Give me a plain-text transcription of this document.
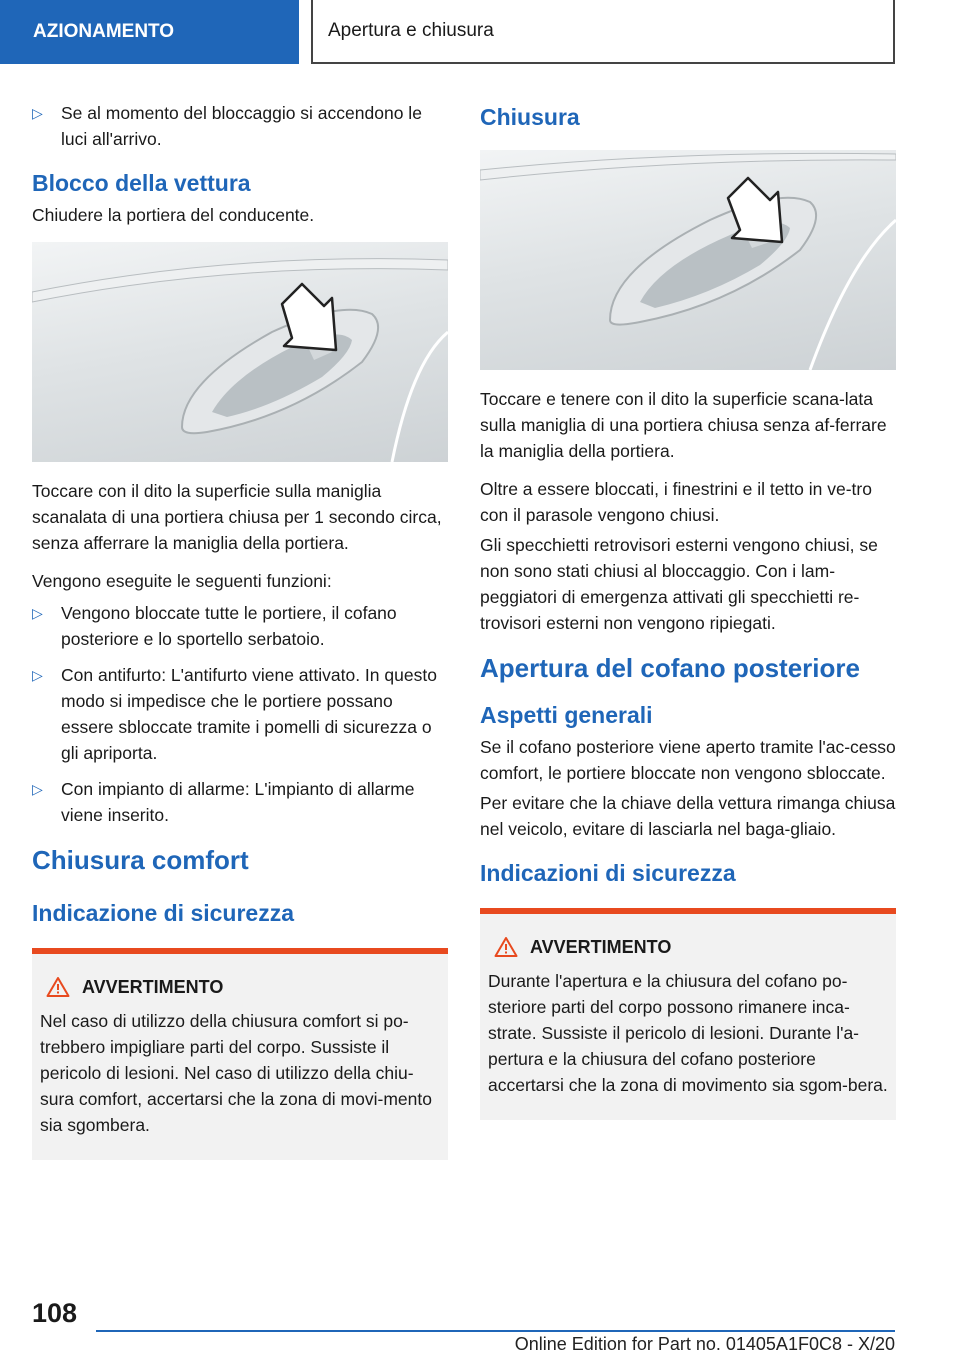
AZIONAMENTO	Apertura e chiusura
▷ Se al momento del bloccaggio si accendono le luci all'arrivo.
Blocco della vettura

Chiudere la portiera del conducente.

Toccare con il dito la superficie sulla maniglia scanalata di una portiera chiusa per 1 secondo circa, senza afferrare la maniglia della portiera.

Vengono eseguite le seguenti funzioni:

▷ Vengono bloccate tutte le portiere, il cofano posteriore e lo sportello serbatoio.
▷ Con antifurto: L'antifurto viene attivato. In questo modo si impedisce che le portiere possano essere sbloccate tramite i pomelli di sicurezza o gli apriporta.
▷ Con impianto di allarme: L'impianto di allarme viene inserito.
Chiusura comfort
Indicazione di sicurezza
AVVERTIMENTO

Nel caso di utilizzo della chiusura comfort si po-trebbero impigliare parti del corpo. Sussiste il pericolo di lesioni. Nel caso di utilizzo della chiu-sura comfort, accertarsi che la zona di movi-mento sia sgombera.

Chiusura

Toccare e tenere con il dito la superficie scana-lata sulla maniglia di una portiera chiusa senza af-ferrare la maniglia della portiera.

Oltre a essere bloccati, i finestrini e il tetto in ve-tro con il parasole vengono chiusi.

Gli specchietti retrovisori esterni vengono chiusi, se non sono stati chiusi al bloccaggio. Con i lam-peggiatori di emergenza attivati gli specchietti re-trovisori esterni non vengono ripiegati.

Apertura del cofano posteriore
Aspetti generali

Se il cofano posteriore viene aperto tramite l'ac-cesso comfort, le portiere bloccate non vengono sbloccate.

Per evitare che la chiave della vettura rimanga chiusa nel veicolo, evitare di lasciarla nel baga-gliaio.

Indicazioni di sicurezza
AVVERTIMENTO

Durante l'apertura e la chiusura del cofano po-steriore parti del corpo possono rimanere inca-strate. Sussiste il pericolo di lesioni. Durante l'a-pertura e la chiusura del cofano posteriore accertarsi che la zona di movimento sia sgom-bera.

108
Online Edition for Part no. 01405A1F0C8 - X/20
